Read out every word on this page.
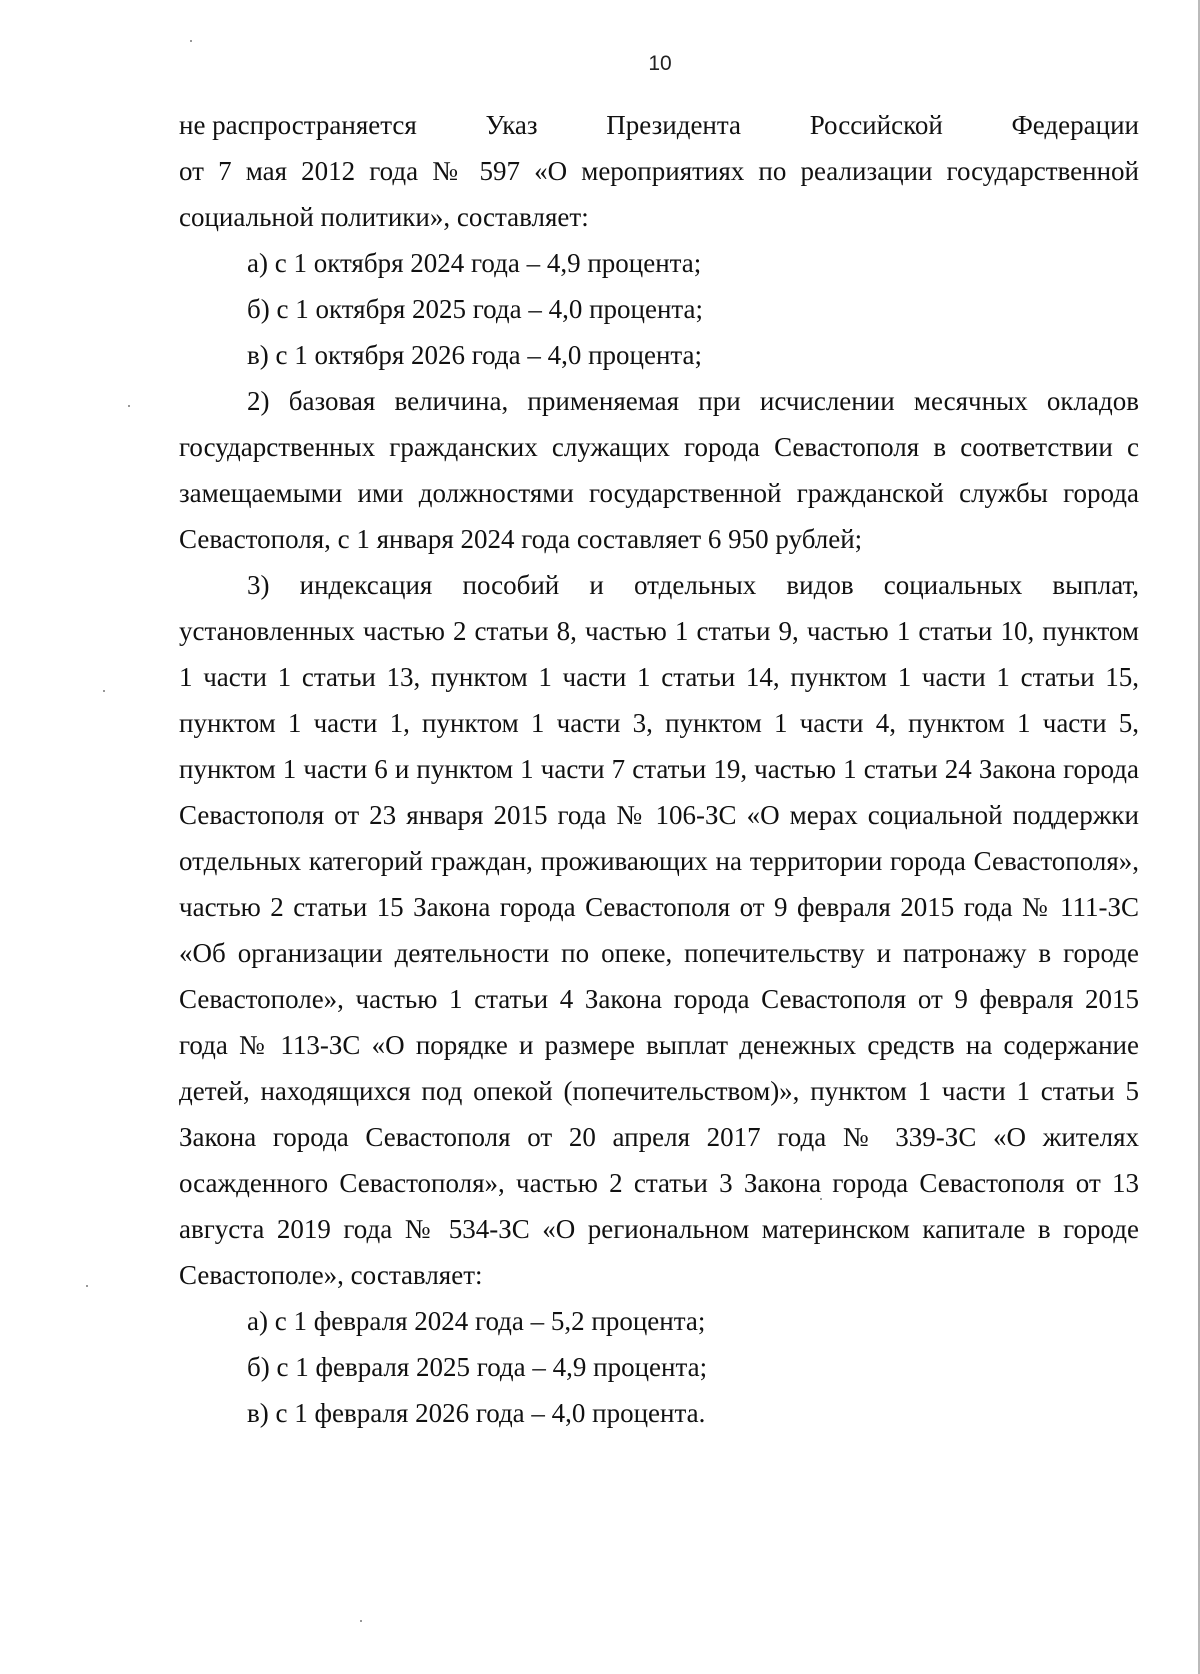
10
не распространяется	Указ	Президента	Российской	Федерации

от 7 мая 2012 года № 597 «О мероприятиях по реализации государственной социальной политики», составляет:

а) с 1 октября 2024 года – 4,9 процента;

б) с 1 октября 2025 года – 4,0 процента;

в) с 1 октября 2026 года – 4,0 процента;

2) базовая величина, применяемая при исчислении месячных окладов государственных гражданских служащих города Севастополя в соответствии с замещаемыми ими должностями государственной гражданской службы города Севастополя, с 1 января 2024 года составляет 6 950 рублей;

3) индексация пособий и отдельных видов социальных выплат, установленных частью 2 статьи 8, частью 1 статьи 9, частью 1 статьи 10, пунктом 1 части 1 статьи 13, пунктом 1 части 1 статьи 14, пунктом 1 части 1 статьи 15, пунктом 1 части 1, пунктом 1 части 3, пунктом 1 части 4, пунктом 1 части 5, пунктом 1 части 6 и пунктом 1 части 7 статьи 19, частью 1 статьи 24 Закона города Севастополя от 23 января 2015 года № 106-ЗС «О мерах социальной поддержки отдельных категорий граждан, проживающих на территории города Севастополя», частью 2 статьи 15 Закона города Севастополя от 9 февраля 2015 года № 111-ЗС «Об организации деятельности по опеке, попечительству и патронажу в городе Севастополе», частью 1 статьи 4 Закона города Севастополя от 9 февраля 2015 года № 113-ЗС «О порядке и размере выплат денежных средств на содержание детей, находящихся под опекой (попечительством)», пунктом 1 части 1 статьи 5 Закона города Севастополя от 20 апреля 2017 года № 339-ЗС «О жителях осажденного Севастополя», частью 2 статьи 3 Закона города Севастополя от 13 августа 2019 года № 534-ЗС «О региональном материнском капитале в городе Севастополе», составляет:

а) с 1 февраля 2024 года – 5,2 процента;

б) с 1 февраля 2025 года – 4,9 процента;

в) с 1 февраля 2026 года – 4,0 процента.
